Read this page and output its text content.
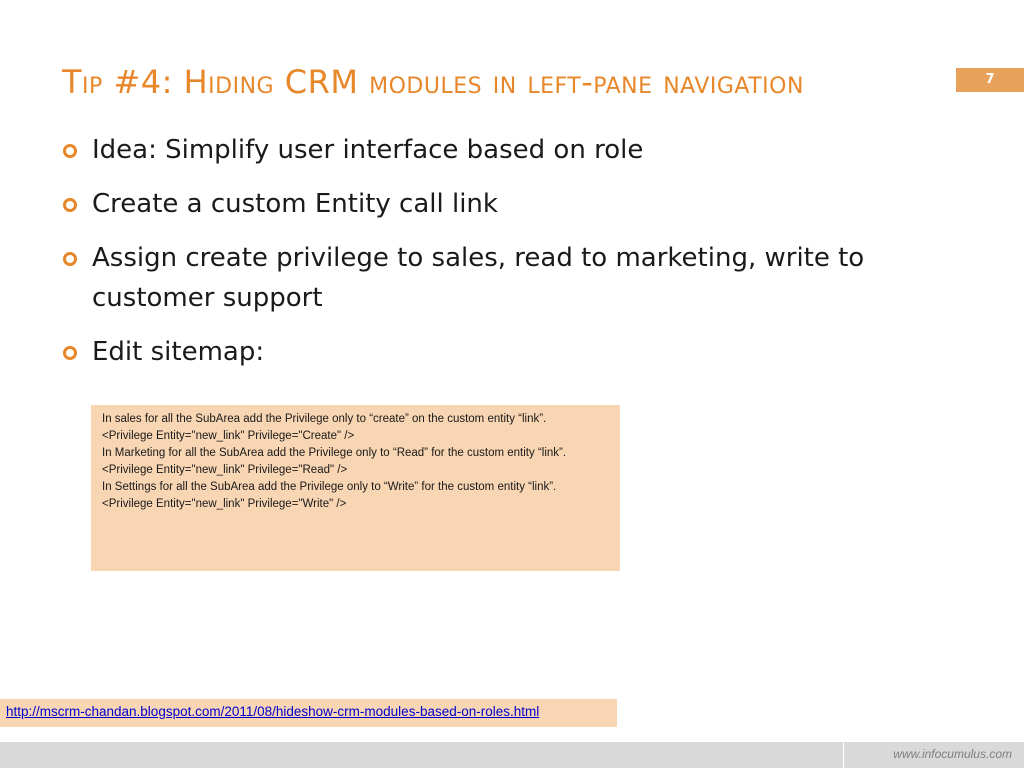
Tip #4: Hiding CRM modules in left-pane navigation	7
Idea: Simplify user interface based on role
Create a custom Entity call link
Assign create privilege to sales, read to marketing, write to customer support
Edit sitemap:
In sales for all the SubArea add the Privilege only to “create” on the custom entity “link”.
<Privilege Entity="new_link" Privilege="Create" />
In Marketing for all the SubArea add the Privilege only to “Read” for the custom entity “link”.
<Privilege Entity="new_link" Privilege="Read" />
In Settings for all the SubArea add the Privilege only to “Write” for the custom entity “link”.
<Privilege Entity="new_link" Privilege="Write" />
http://mscrm-chandan.blogspot.com/2011/08/hideshow-crm-modules-based-on-roles.html
www.infocumulus.com
